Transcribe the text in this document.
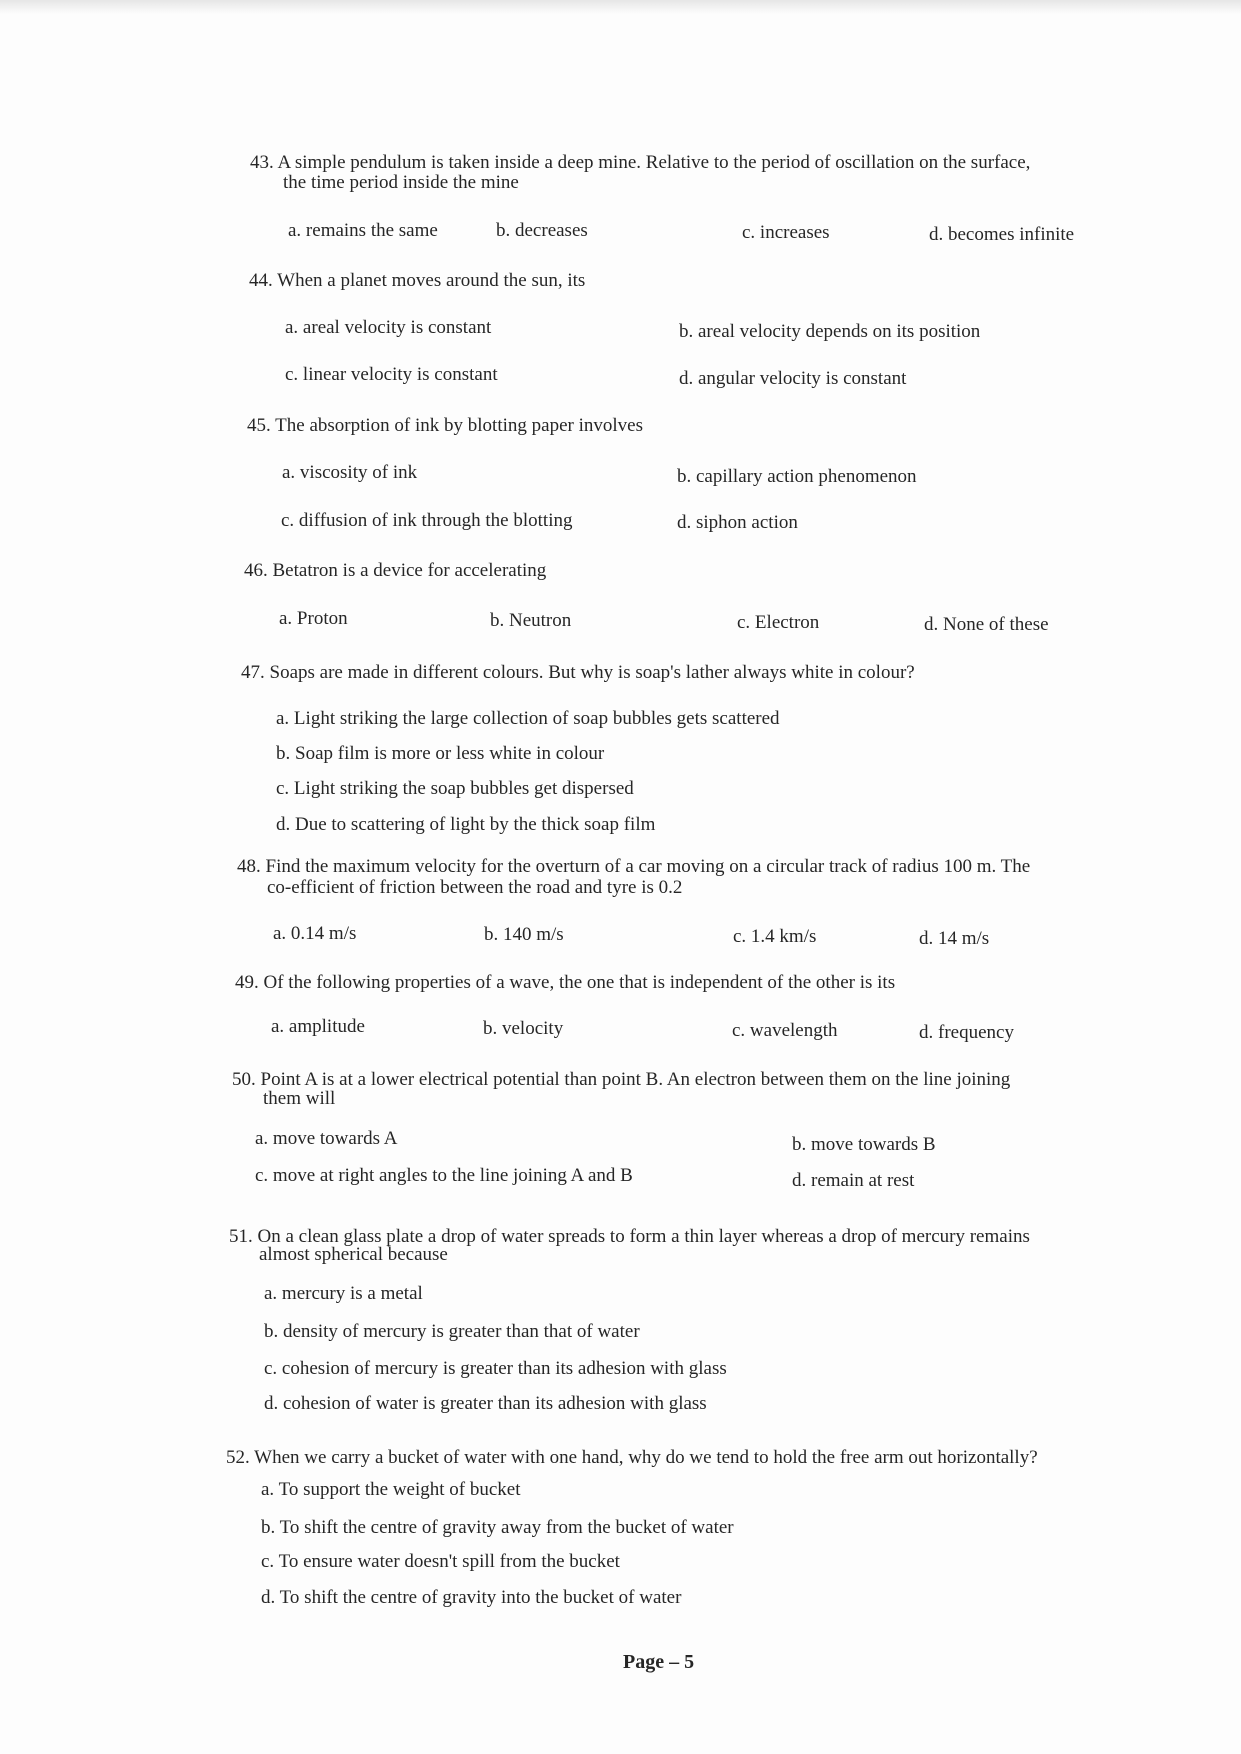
43. A simple pendulum is taken inside a deep mine. Relative to the period of oscillation on the surface,
the time period inside the mine
a. remains the same	b. decreases	c. increases	d. becomes infinite
44. When a planet moves around the sun, its
a. areal velocity is constant	b. areal velocity depends on its position
c. linear velocity is constant	d. angular velocity is constant
45. The absorption of ink by blotting paper involves
a. viscosity of ink	b. capillary action phenomenon
c. diffusion of ink through the blotting	d. siphon action
46. Betatron is a device for accelerating
a. Proton	b. Neutron	c. Electron	d. None of these
47. Soaps are made in different colours. But why is soap's lather always white in colour?
a. Light striking the large collection of soap bubbles gets scattered
b. Soap film is more or less white in colour
c. Light striking the soap bubbles get dispersed
d. Due to scattering of light by the thick soap film
48. Find the maximum velocity for the overturn of a car moving on a circular track of radius 100 m. The
co-efficient of friction between the road and tyre is 0.2
a. 0.14 m/s	b. 140 m/s	c. 1.4 km/s	d. 14 m/s
49. Of the following properties of a wave, the one that is independent of the other is its
a. amplitude	b. velocity	c. wavelength	d. frequency
50. Point A is at a lower electrical potential than point B. An electron between them on the line joining
them will
a. move towards A	b. move towards B
c. move at right angles to the line joining A and B	d. remain at rest
51. On a clean glass plate a drop of water spreads to form a thin layer whereas a drop of mercury remains
almost spherical because
a. mercury is a metal
b. density of mercury is greater than that of water
c. cohesion of mercury is greater than its adhesion with glass
d. cohesion of water is greater than its adhesion with glass
52. When we carry a bucket of water with one hand, why do we tend to hold the free arm out horizontally?
a. To support the weight of bucket
b. To shift the centre of gravity away from the bucket of water
c. To ensure water doesn't spill from the bucket
d. To shift the centre of gravity into the bucket of water
Page – 5
